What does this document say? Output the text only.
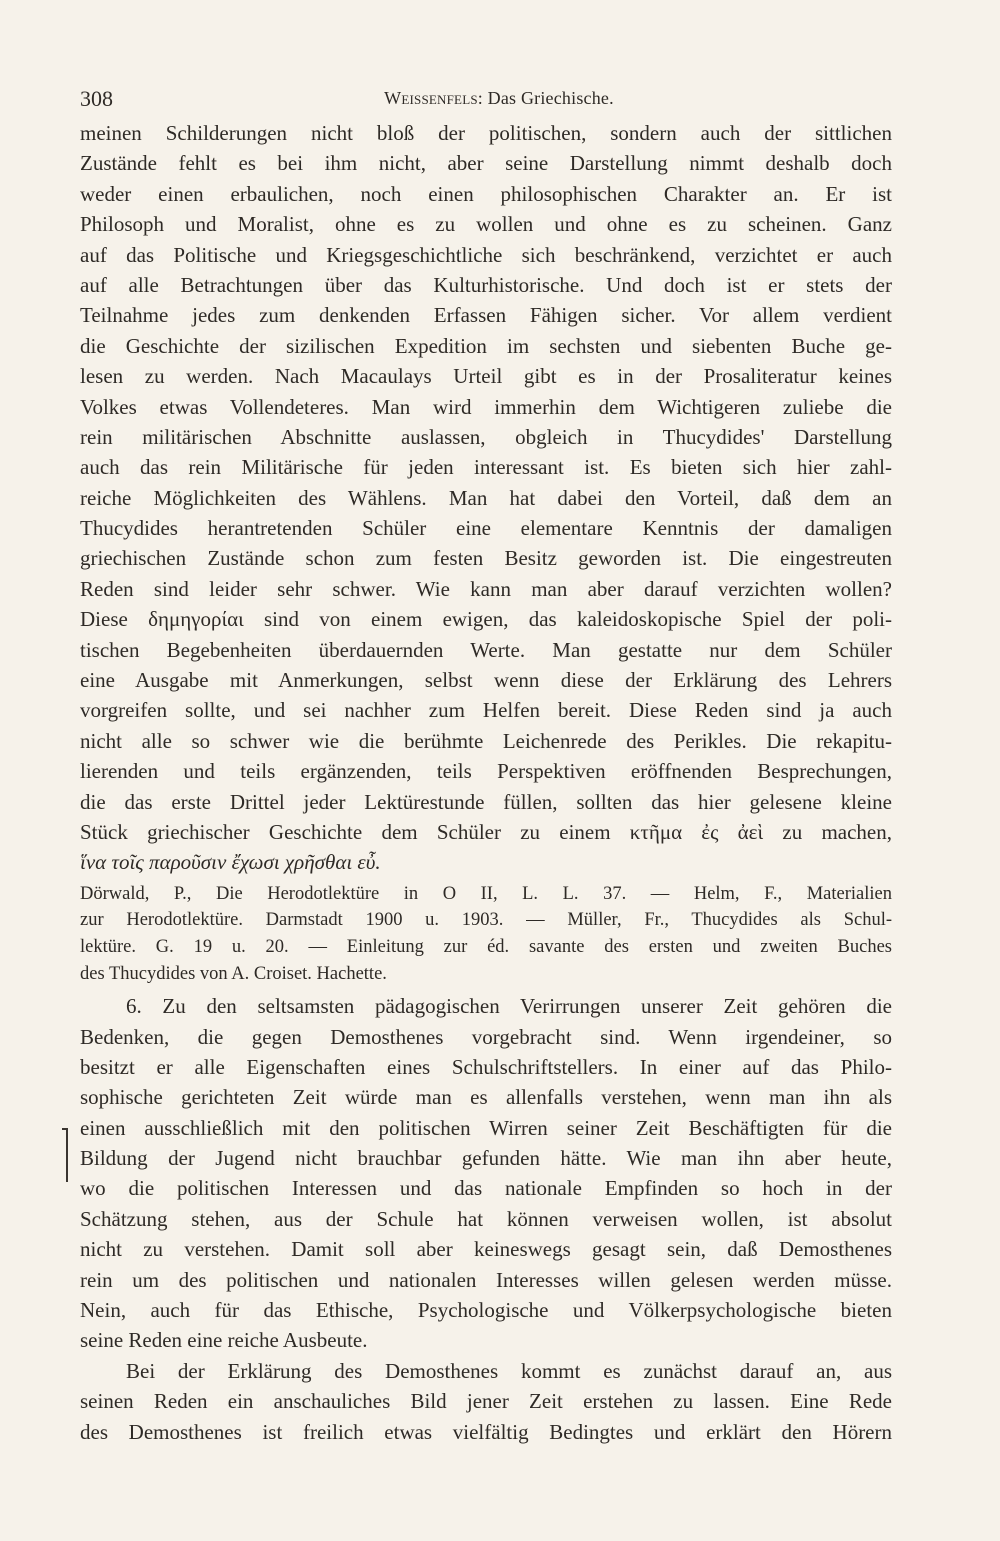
308	Weissenfels: Das Griechische.
meinen Schilderungen nicht bloß der politischen, sondern auch der sittlichen
Zustände fehlt es bei ihm nicht, aber seine Darstellung nimmt deshalb doch
weder einen erbaulichen, noch einen philosophischen Charakter an. Er ist
Philosoph und Moralist, ohne es zu wollen und ohne es zu scheinen. Ganz
auf das Politische und Kriegsgeschichtliche sich beschränkend, verzichtet er auch
auf alle Betrachtungen über das Kulturhistorische. Und doch ist er stets der
Teilnahme jedes zum denkenden Erfassen Fähigen sicher. Vor allem verdient
die Geschichte der sizilischen Expedition im sechsten und siebenten Buche ge-
lesen zu werden. Nach Macaulays Urteil gibt es in der Prosaliteratur keines
Volkes etwas Vollendeteres. Man wird immerhin dem Wichtigeren zuliebe die
rein militärischen Abschnitte auslassen, obgleich in Thucydides' Darstellung
auch das rein Militärische für jeden interessant ist. Es bieten sich hier zahl-
reiche Möglichkeiten des Wählens. Man hat dabei den Vorteil, daß dem an
Thucydides herantretenden Schüler eine elementare Kenntnis der damaligen
griechischen Zustände schon zum festen Besitz geworden ist. Die eingestreuten
Reden sind leider sehr schwer. Wie kann man aber darauf verzichten wollen?
Diese δημηγορίαι sind von einem ewigen, das kaleidoskopische Spiel der poli-
tischen Begebenheiten überdauernden Werte. Man gestatte nur dem Schüler
eine Ausgabe mit Anmerkungen, selbst wenn diese der Erklärung des Lehrers
vorgreifen sollte, und sei nachher zum Helfen bereit. Diese Reden sind ja auch
nicht alle so schwer wie die berühmte Leichenrede des Perikles. Die rekapitu-
lierenden und teils ergänzenden, teils Perspektiven eröffnenden Besprechungen,
die das erste Drittel jeder Lektürestunde füllen, sollten das hier gelesene kleine
Stück griechischer Geschichte dem Schüler zu einem κτῆμα ἐς ἀεὶ zu machen,
ἵνα τοῖς παροῦσιν ἔχωσι χρῆσθαι εὖ.
Dörwald, P., Die Herodotlektüre in O II, L. L. 37. — Helm, F., Materialien
zur Herodotlektüre. Darmstadt 1900 u. 1903. — Müller, Fr., Thucydides als Schul-
lektüre. G. 19 u. 20. — Einleitung zur éd. savante des ersten und zweiten Buches
des Thucydides von A. Croiset. Hachette.
6. Zu den seltsamsten pädagogischen Verirrungen unserer Zeit gehören die
Bedenken, die gegen Demosthenes vorgebracht sind. Wenn irgendeiner, so
besitzt er alle Eigenschaften eines Schulschriftstellers. In einer auf das Philo-
sophische gerichteten Zeit würde man es allenfalls verstehen, wenn man ihn als
einen ausschließlich mit den politischen Wirren seiner Zeit Beschäftigten für die
Bildung der Jugend nicht brauchbar gefunden hätte. Wie man ihn aber heute,
wo die politischen Interessen und das nationale Empfinden so hoch in der
Schätzung stehen, aus der Schule hat können verweisen wollen, ist absolut
nicht zu verstehen. Damit soll aber keineswegs gesagt sein, daß Demosthenes
rein um des politischen und nationalen Interesses willen gelesen werden müsse.
Nein, auch für das Ethische, Psychologische und Völkerpsychologische bieten
seine Reden eine reiche Ausbeute.
Bei der Erklärung des Demosthenes kommt es zunächst darauf an, aus
seinen Reden ein anschauliches Bild jener Zeit erstehen zu lassen. Eine Rede
des Demosthenes ist freilich etwas vielfältig Bedingtes und erklärt den Hörern
